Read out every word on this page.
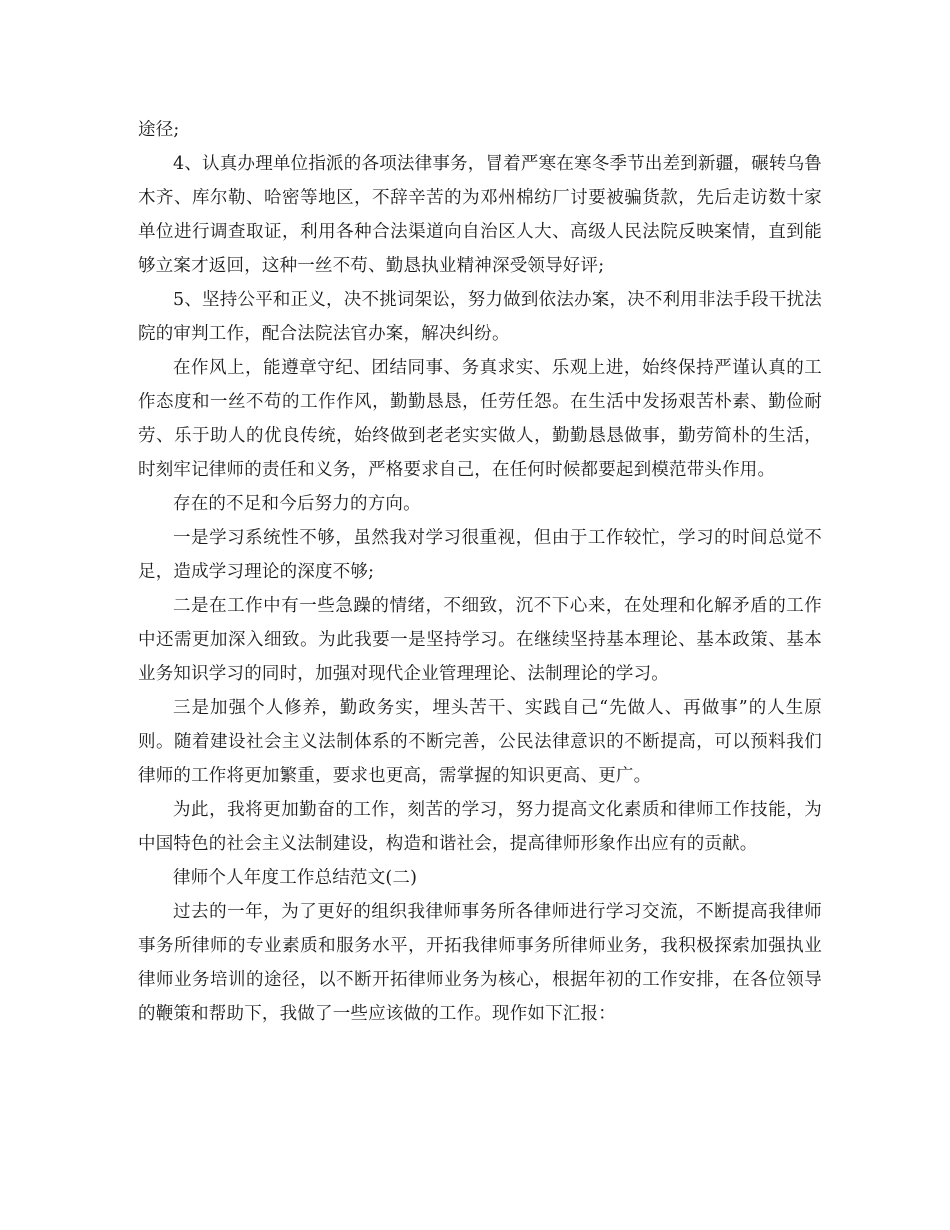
途径;

4、认真办理单位指派的各项法律事务，冒着严寒在寒冬季节出差到新疆，碾转乌鲁木齐、库尔勒、哈密等地区，不辞辛苦的为邓州棉纺厂讨要被骗货款，先后走访数十家单位进行调查取证，利用各种合法渠道向自治区人大、高级人民法院反映案情，直到能够立案才返回，这种一丝不苟、勤恳执业精神深受领导好评;

5、坚持公平和正义，决不挑词架讼，努力做到依法办案，决不利用非法手段干扰法院的审判工作，配合法院法官办案，解决纠纷。

在作风上，能遵章守纪、团结同事、务真求实、乐观上进，始终保持严谨认真的工作态度和一丝不苟的工作作风，勤勤恳恳，任劳任怨。在生活中发扬艰苦朴素、勤俭耐劳、乐于助人的优良传统，始终做到老老实实做人，勤勤恳恳做事，勤劳简朴的生活，时刻牢记律师的责任和义务，严格要求自己，在任何时候都要起到模范带头作用。

存在的不足和今后努力的方向。

一是学习系统性不够，虽然我对学习很重视，但由于工作较忙，学习的时间总觉不足，造成学习理论的深度不够;

二是在工作中有一些急躁的情绪，不细致，沉不下心来，在处理和化解矛盾的工作中还需更加深入细致。为此我要一是坚持学习。在继续坚持基本理论、基本政策、基本业务知识学习的同时，加强对现代企业管理理论、法制理论的学习。

三是加强个人修养，勤政务实，埋头苦干、实践自己“先做人、再做事”的人生原则。随着建设社会主义法制体系的不断完善，公民法律意识的不断提高，可以预料我们律师的工作将更加繁重，要求也更高，需掌握的知识更高、更广。

为此，我将更加勤奋的工作，刻苦的学习，努力提高文化素质和律师工作技能，为中国特色的社会主义法制建设，构造和谐社会，提高律师形象作出应有的贡献。

律师个人年度工作总结范文(二)

过去的一年，为了更好的组织我律师事务所各律师进行学习交流，不断提高我律师事务所律师的专业素质和服务水平，开拓我律师事务所律师业务，我积极探索加强执业律师业务培训的途径，以不断开拓律师业务为核心，根据年初的工作安排，在各位领导的鞭策和帮助下，我做了一些应该做的工作。现作如下汇报：
